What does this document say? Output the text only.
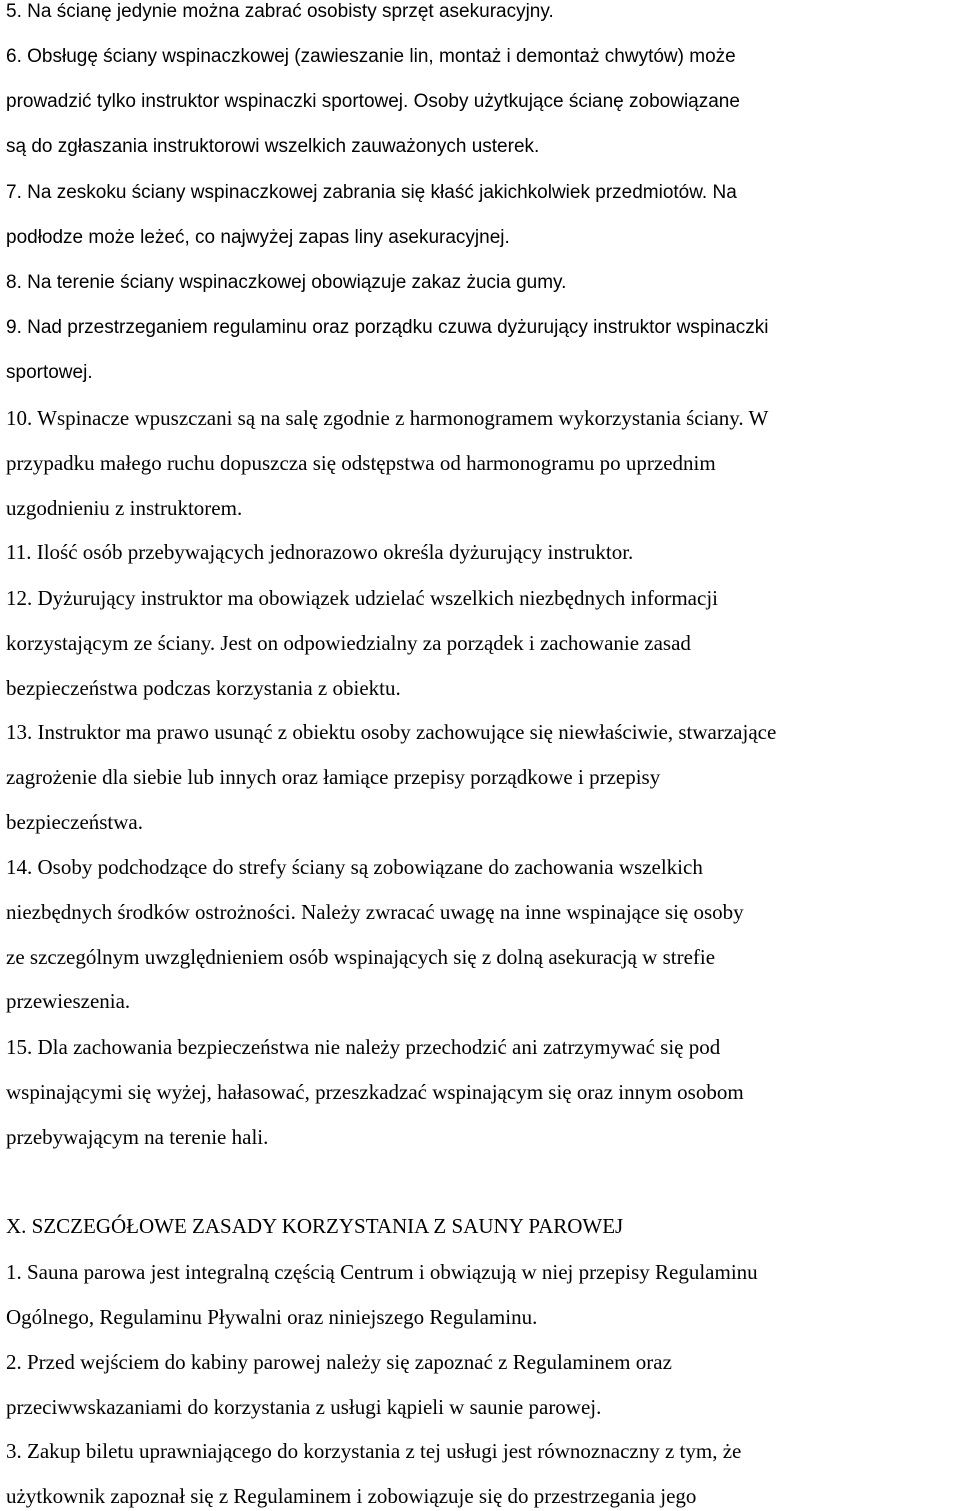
5. Na ścianę jedynie można zabrać osobisty sprzęt asekuracyjny.
6. Obsługę ściany wspinaczkowej (zawieszanie lin, montaż i demontaż chwytów) może
prowadzić tylko instruktor wspinaczki sportowej. Osoby użytkujące ścianę zobowiązane
są do zgłaszania instruktorowi wszelkich zauważonych usterek.
7. Na zeskoku ściany wspinaczkowej zabrania się kłaść jakichkolwiek przedmiotów. Na
podłodze może leżeć, co najwyżej zapas liny asekuracyjnej.
8. Na terenie ściany wspinaczkowej obowiązuje zakaz żucia gumy.
9. Nad przestrzeganiem regulaminu oraz porządku czuwa dyżurujący instruktor wspinaczki
sportowej.
10. Wspinacze wpuszczani są na salę zgodnie z harmonogramem wykorzystania ściany. W
przypadku małego ruchu dopuszcza się odstępstwa od harmonogramu po uprzednim
uzgodnieniu z instruktorem.
11. Ilość osób przebywających jednorazowo określa dyżurujący instruktor.
12. Dyżurujący instruktor ma obowiązek udzielać wszelkich niezbędnych informacji
korzystającym ze ściany. Jest on odpowiedzialny za porządek i zachowanie zasad
bezpieczeństwa podczas korzystania z obiektu.
13. Instruktor ma prawo usunąć z obiektu osoby zachowujące się niewłaściwie, stwarzające
zagrożenie dla siebie lub innych oraz łamiące przepisy porządkowe i przepisy
bezpieczeństwa.
14. Osoby podchodzące do strefy ściany są zobowiązane do zachowania wszelkich
niezbędnych środków ostrożności. Należy zwracać uwagę na inne wspinające się osoby
ze szczególnym uwzględnieniem osób wspinających się z dolną asekuracją w strefie
przewieszenia.
15. Dla zachowania bezpieczeństwa nie należy przechodzić ani zatrzymywać się pod
wspinającymi się wyżej, hałasować, przeszkadzać wspinającym się oraz innym osobom
przebywającym na terenie hali.
X. SZCZEGÓŁOWE ZASADY KORZYSTANIA Z SAUNY PAROWEJ
1. Sauna parowa jest integralną częścią Centrum i obwiązują w niej przepisy Regulaminu
Ogólnego, Regulaminu Pływalni oraz niniejszego Regulaminu.
2. Przed wejściem do kabiny parowej należy się zapoznać z Regulaminem oraz
przeciwwskazaniami do korzystania z usługi kąpieli w saunie parowej.
3. Zakup biletu uprawniającego do korzystania z tej usługi jest równoznaczny z tym, że
użytkownik zapoznał się z Regulaminem i zobowiązuje się do przestrzegania jego
